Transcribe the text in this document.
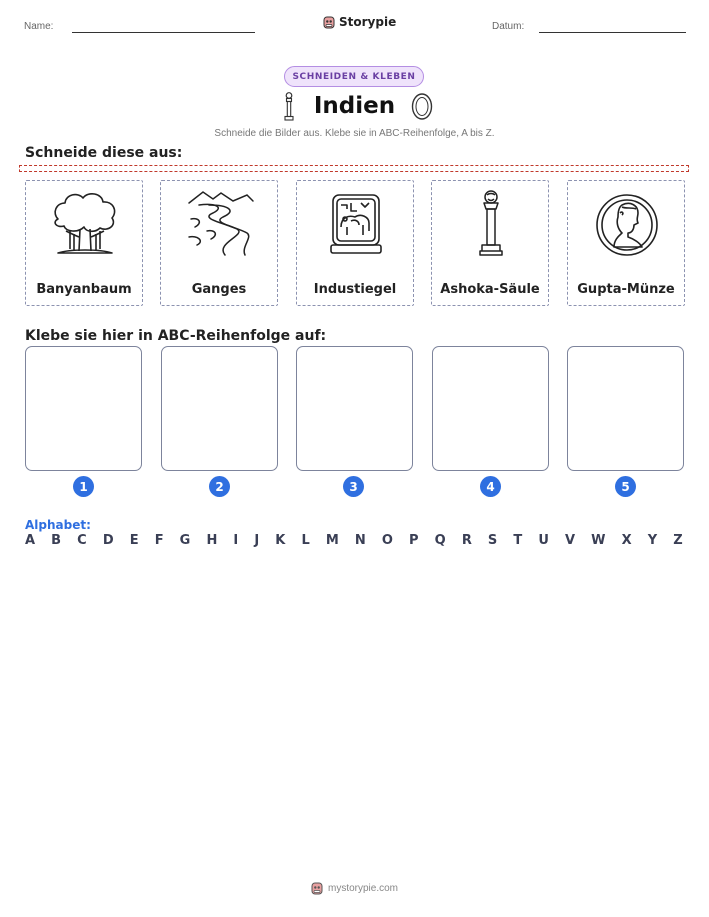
Name:	Storypie	Datum:
SCHNEIDEN & KLEBEN
Indien
Schneide die Bilder aus. Klebe sie in ABC-Reihenfolge, A bis Z.
Schneide diese aus:
Banyanbaum	Ganges	Industiegel	Ashoka-Säule	Gupta-Münze
Klebe sie hier in ABC-Reihenfolge auf:
1	2	3	4	5
Alphabet:
A B C D E F G H I J K L M N O P Q R S T U V W X Y Z
mystorypie.com
